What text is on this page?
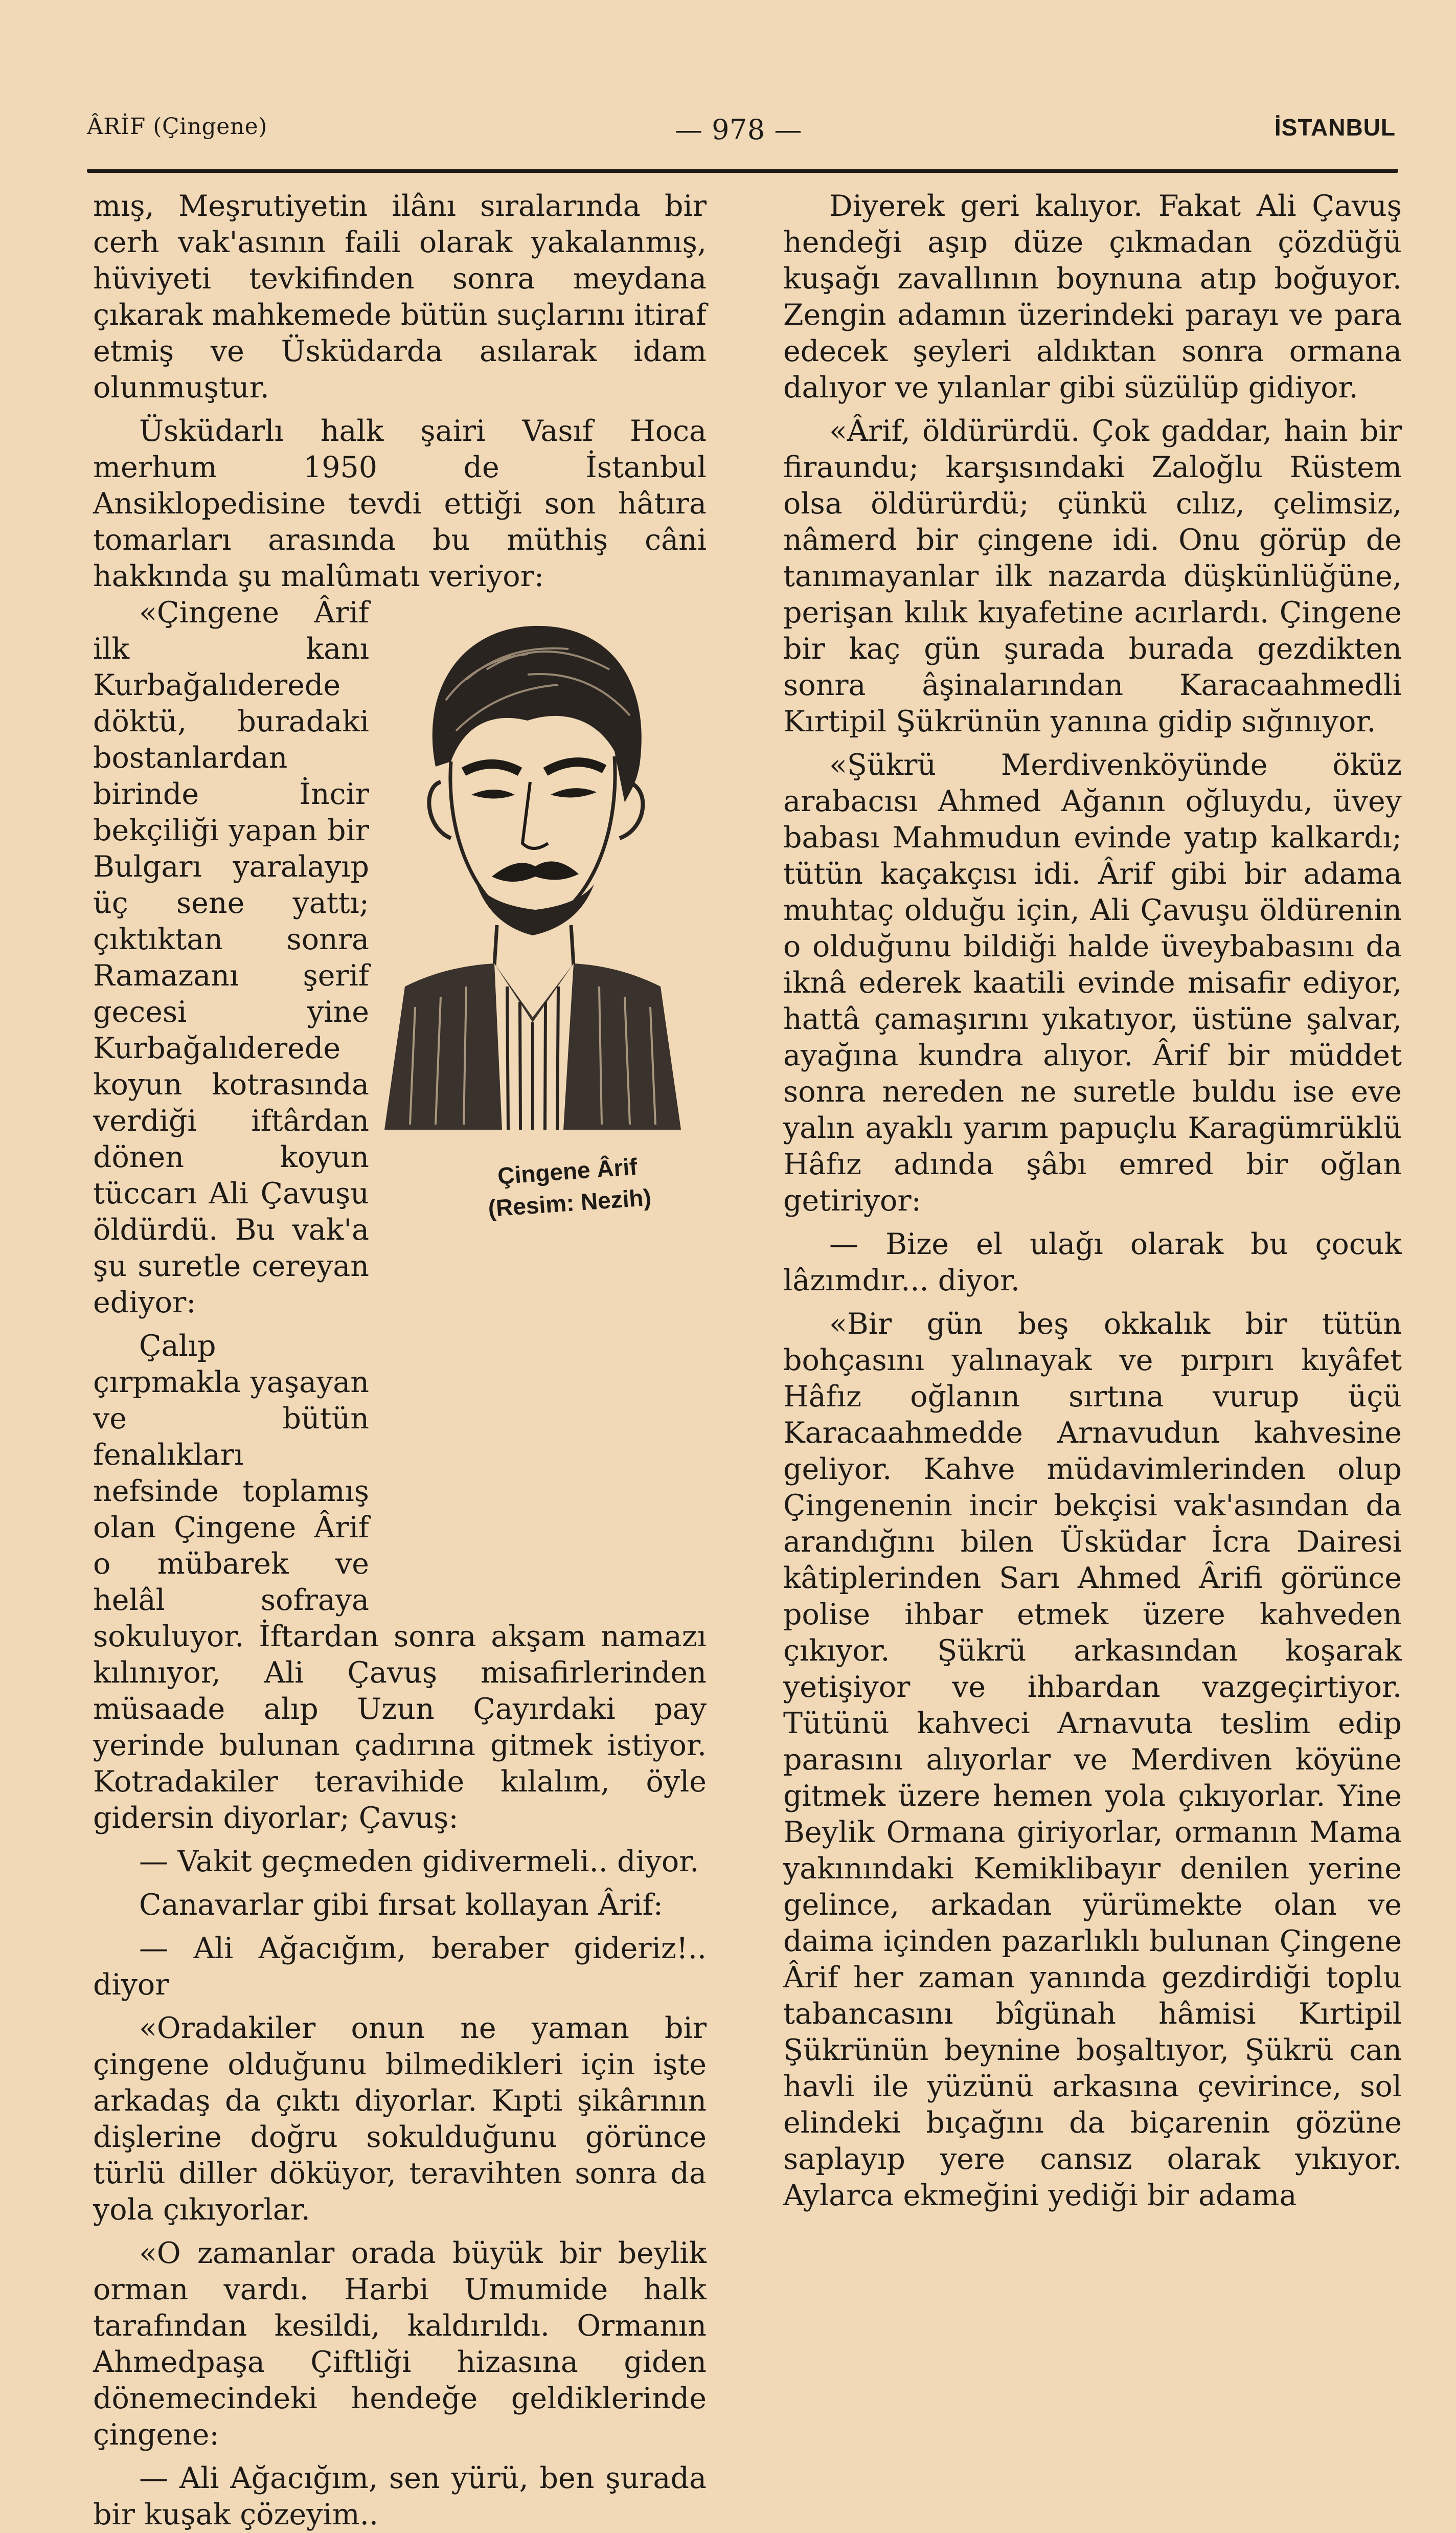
ÂRİF (Çingene)	— 978 —	İSTANBUL

mış, Meşrutiyetin ilânı sıralarında bir cerh vak'asının faili olarak yakalanmış, hüviyeti tevkifinden sonra meydana çıkarak mahkemede bütün suçlarını itiraf etmiş ve Üsküdarda asılarak idam olunmuştur.

Üsküdarlı halk şairi Vasıf Hoca merhum 1950 de İstanbul Ansiklopedisine tevdi ettiği son hâtıra tomarları arasında bu müthiş câni hakkında şu malûmatı veriyor:

Çingene Ârif
(Resim: Nezih)

«Çingene Ârif ilk kanı Kurbağalıderede döktü, buradaki bostanlardan birinde İncir bekçiliği yapan bir Bulgarı yaralayıp üç sene yattı; çıktıktan sonra Ramazanı şerif gecesi yine Kurbağalıderede koyun kotrasında verdiği iftârdan dönen koyun tüccarı Ali Çavuşu öldürdü. Bu vak'a şu suretle cereyan ediyor:

Çalıp çırpmakla yaşayan ve bütün fenalıkları nefsinde toplamış olan Çingene Ârif o mübarek ve helâl sofraya sokuluyor. İftardan sonra akşam namazı kılınıyor, Ali Çavuş misafirlerinden müsaade alıp Uzun Çayırdaki pay yerinde bulunan çadırına gitmek istiyor. Kotradakiler teravihide kılalım, öyle gidersin diyorlar; Çavuş:

— Vakit geçmeden gidivermeli.. diyor.

Canavarlar gibi fırsat kollayan Ârif:

— Ali Ağacığım, beraber gideriz!.. diyor

«Oradakiler onun ne yaman bir çingene olduğunu bilmedikleri için işte arkadaş da çıktı diyorlar. Kıpti şikârının dişlerine doğru sokulduğunu görünce türlü diller döküyor, teravihten sonra da yola çıkıyorlar.

«O zamanlar orada büyük bir beylik orman vardı. Harbi Umumide halk tarafından kesildi, kaldırıldı. Ormanın Ahmedpaşa Çiftliği hizasına giden dönemecindeki hendeğe geldiklerinde çingene:

— Ali Ağacığım, sen yürü, ben şurada bir kuşak çözeyim..

Diyerek geri kalıyor. Fakat Ali Çavuş hendeği aşıp düze çıkmadan çözdüğü kuşağı zavallının boynuna atıp boğuyor. Zengin adamın üzerindeki parayı ve para edecek şeyleri aldıktan sonra ormana dalıyor ve yılanlar gibi süzülüp gidiyor.

«Ârif, öldürürdü. Çok gaddar, hain bir firaundu; karşısındaki Zaloğlu Rüstem olsa öldürürdü; çünkü cılız, çelimsiz, nâmerd bir çingene idi. Onu görüp de tanımayanlar ilk nazarda düşkünlüğüne, perişan kılık kıyafetine acırlardı. Çingene bir kaç gün şurada burada gezdikten sonra âşinalarından Karacaahmedli Kırtipil Şükrünün yanına gidip sığınıyor.

«Şükrü Merdivenköyünde öküz arabacısı Ahmed Ağanın oğluydu, üvey babası Mahmudun evinde yatıp kalkardı; tütün kaçakçısı idi. Ârif gibi bir adama muhtaç olduğu için, Ali Çavuşu öldürenin o olduğunu bildiği halde üveybabasını da iknâ ederek kaatili evinde misafir ediyor, hattâ çamaşırını yıkatıyor, üstüne şalvar, ayağına kundra alıyor. Ârif bir müddet sonra nereden ne suretle buldu ise eve yalın ayaklı yarım papuçlu Karagümrüklü Hâfız adında şâbı emred bir oğlan getiriyor:

— Bize el ulağı olarak bu çocuk lâzımdır... diyor.

«Bir gün beş okkalık bir tütün bohçasını yalınayak ve pırpırı kıyâfet Hâfız oğlanın sırtına vurup üçü Karacaahmedde Arnavudun kahvesine geliyor. Kahve müdavimlerinden olup Çingenenin incir bekçisi vak'asından da arandığını bilen Üsküdar İcra Dairesi kâtiplerinden Sarı Ahmed Ârifi görünce polise ihbar etmek üzere kahveden çıkıyor. Şükrü arkasından koşarak yetişiyor ve ihbardan vazgeçirtiyor. Tütünü kahveci Arnavuta teslim edip parasını alıyorlar ve Merdiven köyüne gitmek üzere hemen yola çıkıyorlar. Yine Beylik Ormana giriyorlar, ormanın Mama yakınındaki Kemiklibayır denilen yerine gelince, arkadan yürümekte olan ve daima içinden pazarlıklı bulunan Çingene Ârif her zaman yanında gezdirdiği toplu tabancasını bîgünah hâmisi Kırtipil Şükrünün beynine boşaltıyor, Şükrü can havli ile yüzünü arkasına çevirince, sol elindeki bıçağını da biçarenin gözüne saplayıp yere cansız olarak yıkıyor. Aylarca ekmeğini yediği bir adama
